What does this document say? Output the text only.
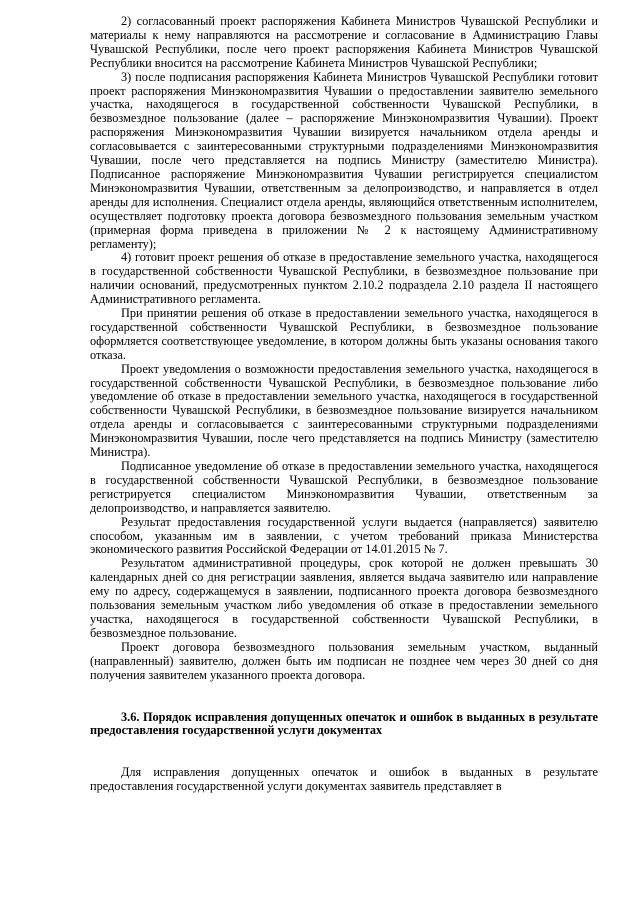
2) согласованный проект распоряжения Кабинета Министров Чувашской Республики и материалы к нему направляются на рассмотрение и согласование в Администрацию Главы Чувашской Республики, после чего проект распоряжения Кабинета Министров Чувашской Республики вносится на рассмотрение Кабинета Министров Чувашской Республики;

3) после подписания распоряжения Кабинета Министров Чувашской Республики готовит проект распоряжения Минэкономразвития Чувашии о предоставлении заявителю земельного участка, находящегося в государственной собственности Чувашской Республики, в безвозмездное пользование (далее – распоряжение Минэкономразвития Чувашии). Проект распоряжения Минэкономразвития Чувашии визируется начальником отдела аренды и согласовывается с заинтересованными структурными подразделениями Минэкономразвития Чувашии, после чего представляется на подпись Министру (заместителю Министра). Подписанное распоряжение Минэкономразвития Чувашии регистрируется специалистом Минэкономразвития Чувашии, ответственным за делопроизводство, и направляется в отдел аренды для исполнения. Специалист отдела аренды, являющийся ответственным исполнителем, осуществляет подготовку проекта договора безвозмездного пользования земельным участком (примерная форма приведена в приложении № 2 к настоящему Административному регламенту);

4) готовит проект решения об отказе в предоставление земельного участка, находящегося в государственной собственности Чувашской Республики, в безвозмездное пользование при наличии оснований, предусмотренных пунктом 2.10.2 подраздела 2.10 раздела II настоящего Административного регламента.

При принятии решения об отказе в предоставлении земельного участка, находящегося в государственной собственности Чувашской Республики, в безвозмездное пользование оформляется соответствующее уведомление, в котором должны быть указаны основания такого отказа.

Проект уведомления о возможности предоставления земельного участка, находящегося в государственной собственности Чувашской Республики, в безвозмездное пользование либо уведомление об отказе в предоставлении земельного участка, находящегося в государственной собственности Чувашской Республики, в безвозмездное пользование визируется начальником отдела аренды и согласовывается с заинтересованными структурными подразделениями Минэкономразвития Чувашии, после чего представляется на подпись Министру (заместителю Министра).

Подписанное уведомление об отказе в предоставлении земельного участка, находящегося в государственной собственности Чувашской Республики, в безвозмездное пользование регистрируется специалистом Минэкономразвития Чувашии, ответственным за делопроизводство, и направляется заявителю.

Результат предоставления государственной услуги выдается (направляется) заявителю способом, указанным им в заявлении, с учетом требований приказа Министерства экономического развития Российской Федерации от 14.01.2015 № 7.

Результатом административной процедуры, срок которой не должен превышать 30 календарных дней со дня регистрации заявления, является выдача заявителю или направление ему по адресу, содержащемуся в заявлении, подписанного проекта договора безвозмездного пользования земельным участком либо уведомления об отказе в предоставлении земельного участка, находящегося в государственной собственности Чувашской Республики, в безвозмездное пользование.

Проект договора безвозмездного пользования земельным участком, выданный (направленный) заявителю, должен быть им подписан не позднее чем через 30 дней со дня получения заявителем указанного проекта договора.

3.6. Порядок исправления допущенных опечаток и ошибок в выданных в результате предоставления государственной услуги документах

Для исправления допущенных опечаток и ошибок в выданных в результате предоставления государственной услуги документах заявитель представляет в
